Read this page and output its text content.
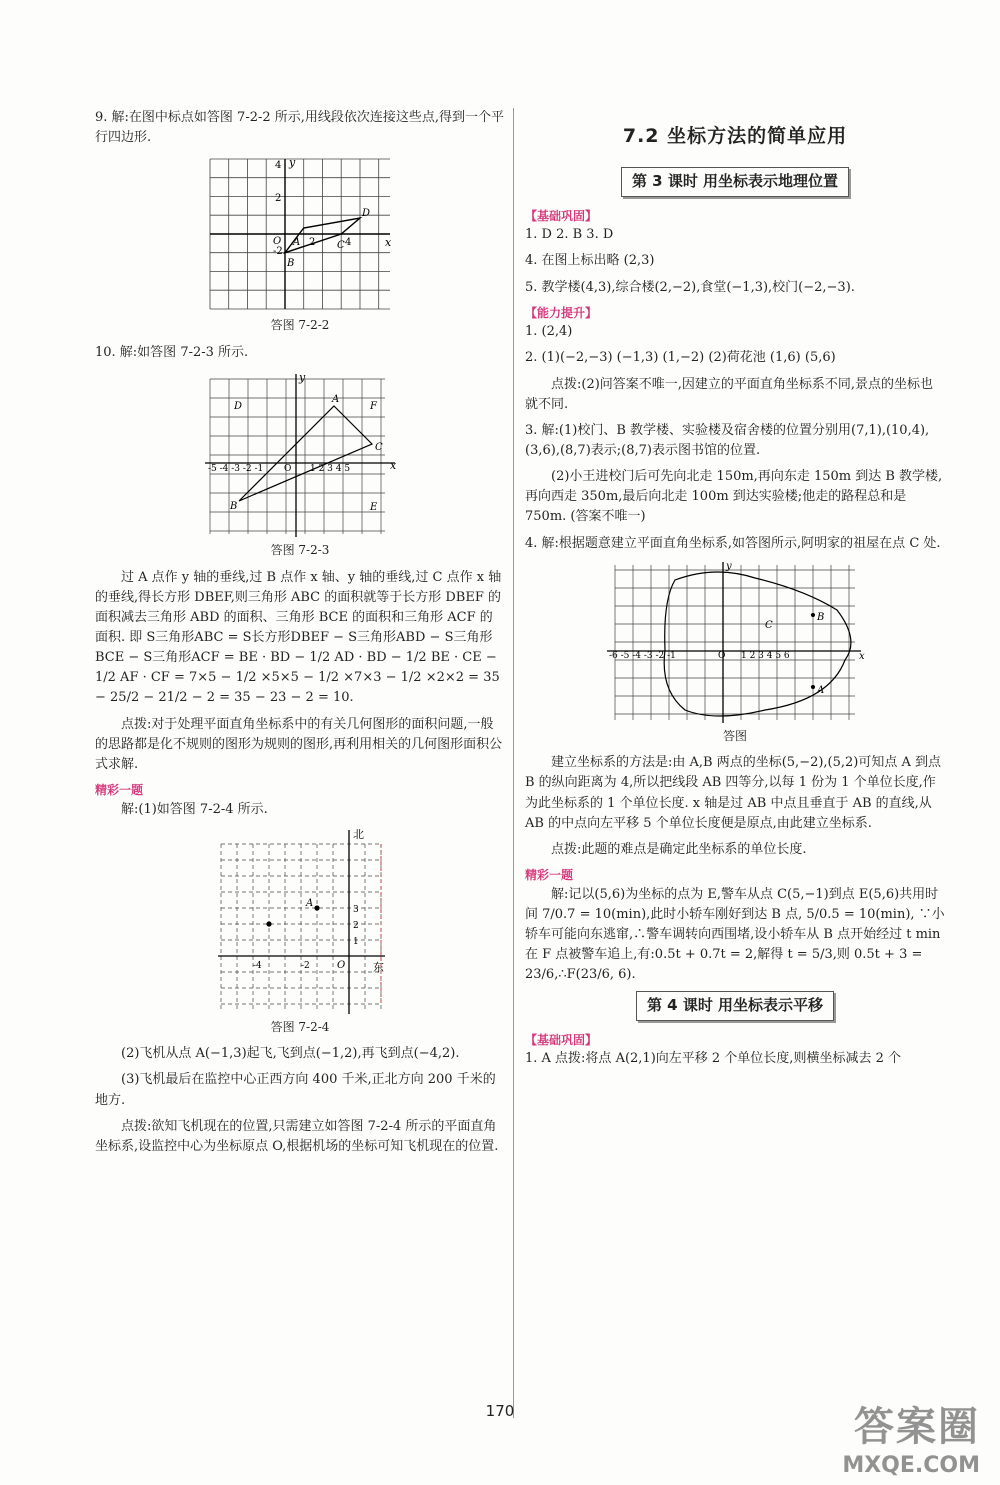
9. 解:在图中标点如答图 7-2-2 所示,用线段依次连接这些点,得到一个平行四边形.

x
y
4
2
O
-2
A 2	4
D
C
B

答图 7-2-2

10. 解:如答图 7-2-3 所示.

x
y
D
A
F
C
B	E
O
-5 -4 -3 -2 -1	1 2 3 4 5

答图 7-2-3

过 A 点作 y 轴的垂线,过 B 点作 x 轴、y 轴的垂线,过 C 点作 x 轴的垂线,得长方形 DBEF,则三角形 ABC 的面积就等于长方形 DBEF 的面积减去三角形 ABD 的面积、三角形 BCE 的面积和三角形 ACF 的面积. 即 S三角形ABC = S长方形DBEF − S三角形ABD − S三角形BCE − S三角形ACF = BE · BD − 1/2 AD · BD − 1/2 BE · CE − 1/2 AF · CF = 7×5 − 1/2 ×5×5 − 1/2 ×7×3 − 1/2 ×2×2 = 35 − 25/2 − 21/2 − 2 = 35 − 23 − 2 = 10.

点拨:对于处理平面直角坐标系中的有关几何图形的面积问题,一般的思路都是化不规则的图形为规则的图形,再利用相关的几何图形面积公式求解.

精彩一题

解:(1)如答图 7-2-4 所示.

北
东
A
O
-4	-2
3
2
1

答图 7-2-4

(2)飞机从点 A(−1,3)起飞,飞到点(−1,2),再飞到点(−4,2).

(3)飞机最后在监控中心正西方向 400 千米,正北方向 200 千米的地方.

点拨:欲知飞机现在的位置,只需建立如答图 7-2-4 所示的平面直角坐标系,设监控中心为坐标原点 O,根据机场的坐标可知飞机现在的位置.

7.2 坐标方法的简单应用

第 3 课时 用坐标表示地理位置

【基础巩固】

1. D 2. B 3. D

4. 在图上标出略 (2,3)

5. 教学楼(4,3),综合楼(2,−2),食堂(−1,3),校门(−2,−3).

【能力提升】

1. (2,4)

2. (1)(−2,−3) (−1,3) (1,−2) (2)荷花池 (1,6) (5,6)

点拨:(2)问答案不唯一,因建立的平面直角坐标系不同,景点的坐标也就不同.

3. 解:(1)校门、B 教学楼、实验楼及宿舍楼的位置分别用(7,1),(10,4),(3,6),(8,7)表示;(8,7)表示图书馆的位置.

(2)小王进校门后可先向北走 150m,再向东走 150m 到达 B 教学楼,再向西走 350m,最后向北走 100m 到达实验楼;他走的路程总和是 750m. (答案不唯一)

4. 解:根据题意建立平面直角坐标系,如答图所示,阿明家的祖屋在点 C 处.

A
B
C
x
y
-6 -5 -4 -3 -2 -1	O 1 2 3 4 5 6

答图

建立坐标系的方法是:由 A,B 两点的坐标(5,−2),(5,2)可知点 A 到点 B 的纵向距离为 4,所以把线段 AB 四等分,以每 1 份为 1 个单位长度,作为此坐标系的 1 个单位长度. x 轴是过 AB 中点且垂直于 AB 的直线,从 AB 的中点向左平移 5 个单位长度便是原点,由此建立坐标系.

点拨:此题的难点是确定此坐标系的单位长度.

精彩一题

解:记以(5,6)为坐标的点为 E,警车从点 C(5,−1)到点 E(5,6)共用时间 7/0.7 = 10(min),此时小轿车刚好到达 B 点, 5/0.5 = 10(min), ∵小轿车可能向东逃窜,∴警车调转向西围堵,设小轿车从 B 点开始经过 t min 在 F 点被警车追上,有:0.5t + 0.7t = 2,解得 t = 5/3,则 0.5t + 3 = 23/6,∴F(23/6, 6).

第 4 课时 用坐标表示平移

【基础巩固】

1. A 点拨:将点 A(2,1)向左平移 2 个单位长度,则横坐标减去 2 个

170	答案圈
MXQE.COM
